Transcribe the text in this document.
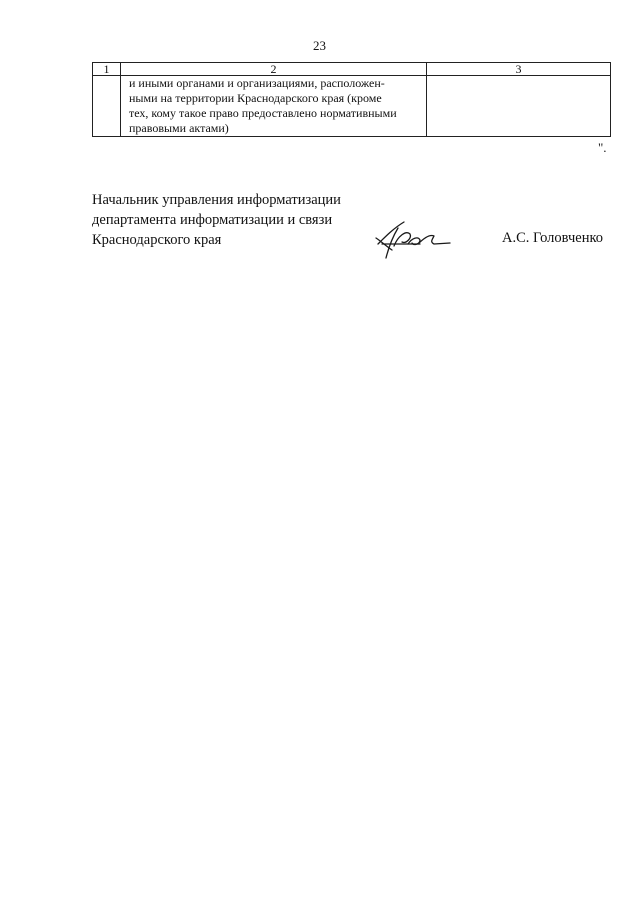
23
1	2	3

	и иными органами и организациями, расположен-
ными на территории Краснодарского края (кроме
тех, кому такое право предоставлено нормативными
правовыми актами)	

".
Начальник управления информатизации
департамента информатизации и связи
Краснодарского края	А.С. Головченко
